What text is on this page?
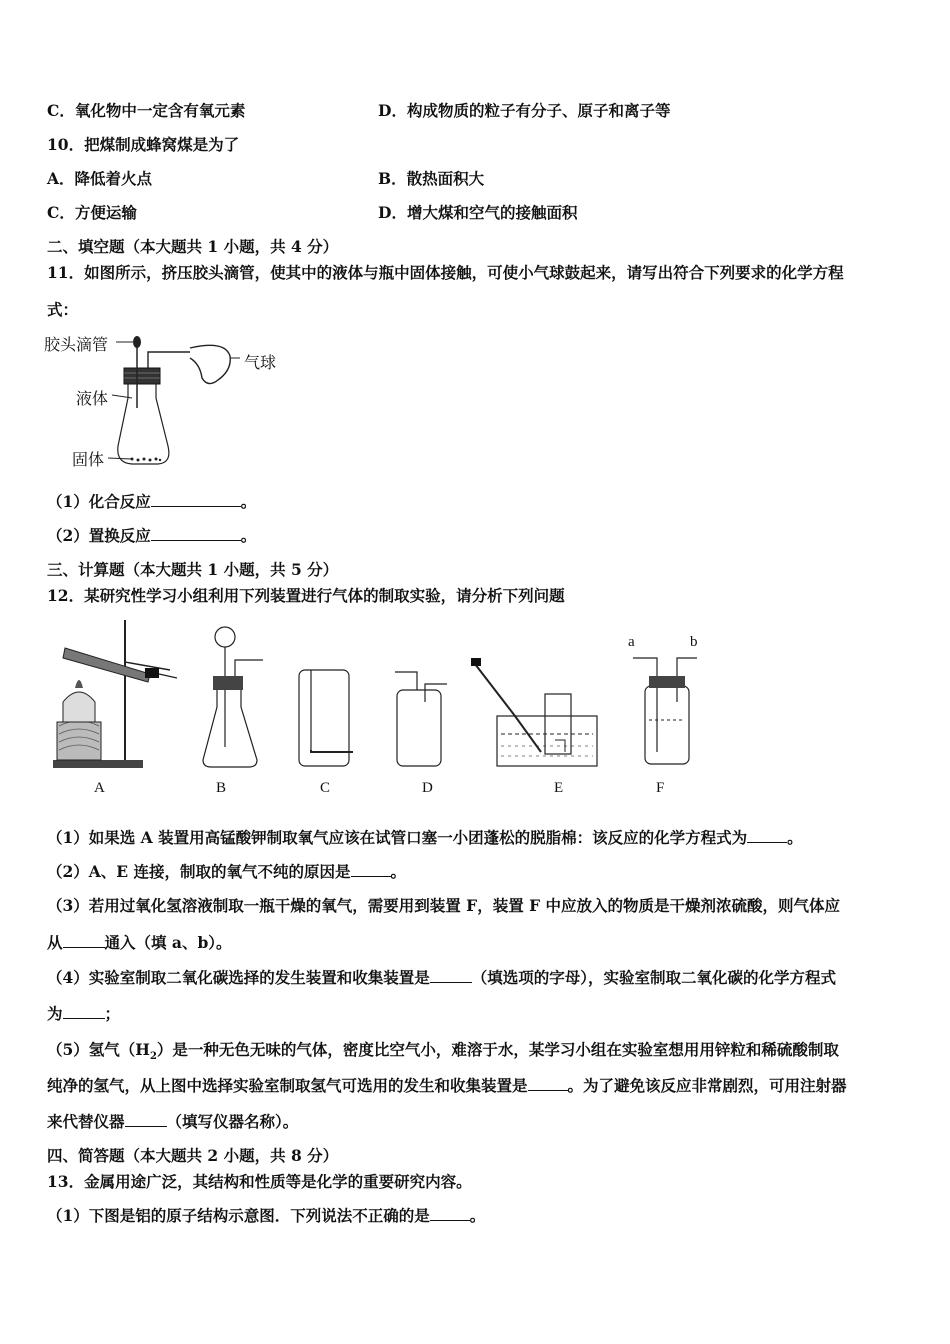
C．氧化物中一定含有氧元素	D．构成物质的粒子有分子、原子和离子等
10．把煤制成蜂窝煤是为了
A．降低着火点	B．散热面积大
C．方便运输	D．增大煤和空气的接触面积
二、填空题（本大题共 1 小题，共 4 分）
11．如图所示，挤压胶头滴管，使其中的液体与瓶中固体接触，可使小气球鼓起来，请写出符合下列要求的化学方程
式：
胶头滴管
气球
液体
固体
（1）化合反应	。
（2）置换反应	。
三、计算题（本大题共 1 小题，共 5 分）
12．某研究性学习小组利用下列装置进行气体的制取实验，请分析下列问题
a	b
A	B	C	D	E	F
（1）如果选 A 装置用高锰酸钾制取氧气应该在试管口塞一小团蓬松的脱脂棉：该反应的化学方程式为	。
（2）A、E 连接，制取的氧气不纯的原因是	。
（3）若用过氧化氢溶液制取一瓶干燥的氧气，需要用到装置 F，装置 F 中应放入的物质是干燥剂浓硫酸，则气体应
从	通入（填 a、b）。
（4）实验室制取二氧化碳选择的发生装置和收集装置是	（填选项的字母），实验室制取二氧化碳的化学方程式
为	；
（5）氢气$(H_2)$是一种无色无味的气体，密度比空气小，难溶于水，某学习小组在实验室想用用锌粒和稀硫酸制取
纯净的氢气，从上图中选择实验室制取氢气可选用的发生和收集装置是	。为了避免该反应非常剧烈，可用注射器
来代替仪器	（填写仪器名称）。
四、简答题（本大题共 2 小题，共 8 分）
13．金属用途广泛，其结构和性质等是化学的重要研究内容。
（1）下图是铝的原子结构示意图．下列说法不正确的是	。
